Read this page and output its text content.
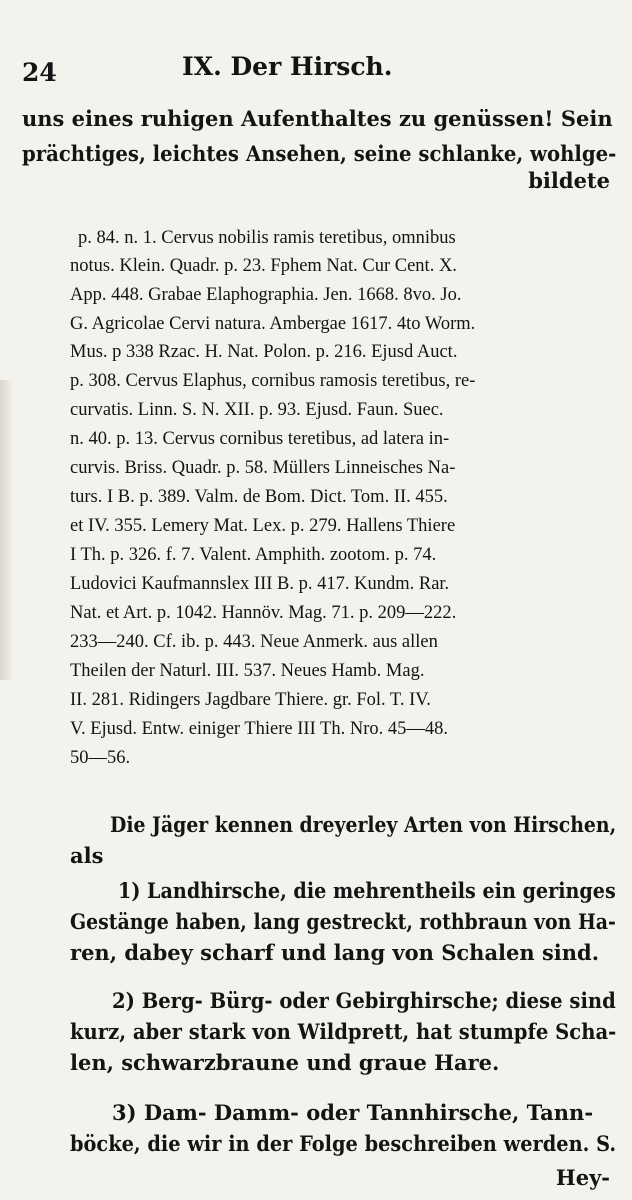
24	IX. Der Hirsch.
uns eines ruhigen Aufenthaltes zu genüssen! Sein
prächtiges, leichtes Ansehen, seine schlanke, wohlge-
bildete
p. 84. n. 1. Cervus nobilis ramis teretibus, omnibus
notus. Klein. Quadr. p. 23. Fphem Nat. Cur Cent. X.
App. 448. Grabae Elaphographia. Jen. 1668. 8vo. Jo.
G. Agricolae Cervi natura. Ambergae 1617. 4to Worm.
Mus. p 338 Rzac. H. Nat. Polon. p. 216. Ejusd Auct.
p. 308. Cervus Elaphus, cornibus ramosis teretibus, re-
curvatis. Linn. S. N. XII. p. 93. Ejusd. Faun. Suec.
n. 40. p. 13. Cervus cornibus teretibus, ad latera in-
curvis. Briss. Quadr. p. 58. Müllers Linneisches Na-
turs. I B. p. 389. Valm. de Bom. Dict. Tom. II. 455.
et IV. 355. Lemery Mat. Lex. p. 279. Hallens Thiere
I Th. p. 326. f. 7. Valent. Amphith. zootom. p. 74.
Ludovici Kaufmannslex III B. p. 417. Kundm. Rar.
Nat. et Art. p. 1042. Hannöv. Mag. 71. p. 209—222.
233—240. Cf. ib. p. 443. Neue Anmerk. aus allen
Theilen der Naturl. III. 537. Neues Hamb. Mag.
II. 281. Ridingers Jagdbare Thiere. gr. Fol. T. IV.
V. Ejusd. Entw. einiger Thiere III Th. Nro. 45—48.
50—56.
Die Jäger kennen dreyerley Arten von Hirschen,
als
1) Landhirsche, die mehrentheils ein geringes
Gestänge haben, lang gestreckt, rothbraun von Ha-
ren, dabey scharf und lang von Schalen sind.
2) Berg- Bürg- oder Gebirghirsche; diese sind
kurz, aber stark von Wildprett, hat stumpfe Scha-
len, schwarzbraune und graue Hare.
3) Dam- Damm- oder Tannhirsche, Tann-
böcke, die wir in der Folge beschreiben werden. S.
Hey-
